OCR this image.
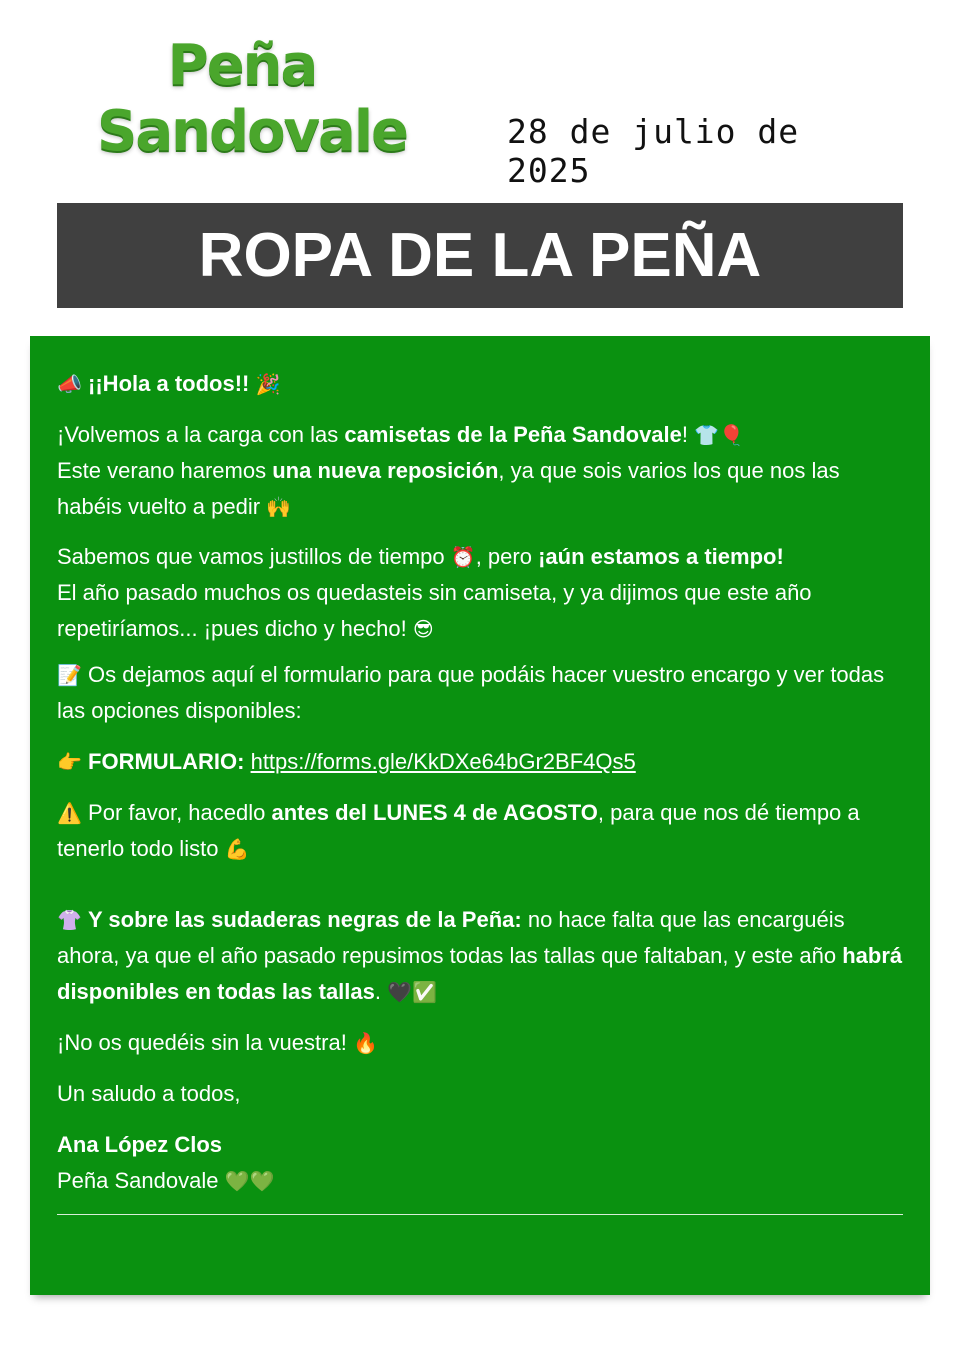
Peña
Sandovale	28 de julio de 2025
ROPA DE LA PEÑA

📣 ¡¡Hola a todos!! 🎉

¡Volvemos a la carga con las camisetas de la Peña Sandovale! 👕🎈
Este verano haremos una nueva reposición, ya que sois varios los que nos las habéis vuelto a pedir 🙌

Sabemos que vamos justillos de tiempo ⏰, pero ¡aún estamos a tiempo!
El año pasado muchos os quedasteis sin camiseta, y ya dijimos que este año repetiríamos... ¡pues dicho y hecho! 😎

📝 Os dejamos aquí el formulario para que podáis hacer vuestro encargo y ver todas las opciones disponibles:

👉 FORMULARIO: https://forms.gle/KkDXe64bGr2BF4Qs5

⚠️ Por favor, hacedlo antes del LUNES 4 de AGOSTO, para que nos dé tiempo a tenerlo todo listo 💪

👚 Y sobre las sudaderas negras de la Peña: no hace falta que las encarguéis ahora, ya que el año pasado repusimos todas las tallas que faltaban, y este año habrá disponibles en todas las tallas. 🖤✅

¡No os quedéis sin la vuestra! 🔥

Un saludo a todos,

Ana López Clos
Peña Sandovale 💚💚
